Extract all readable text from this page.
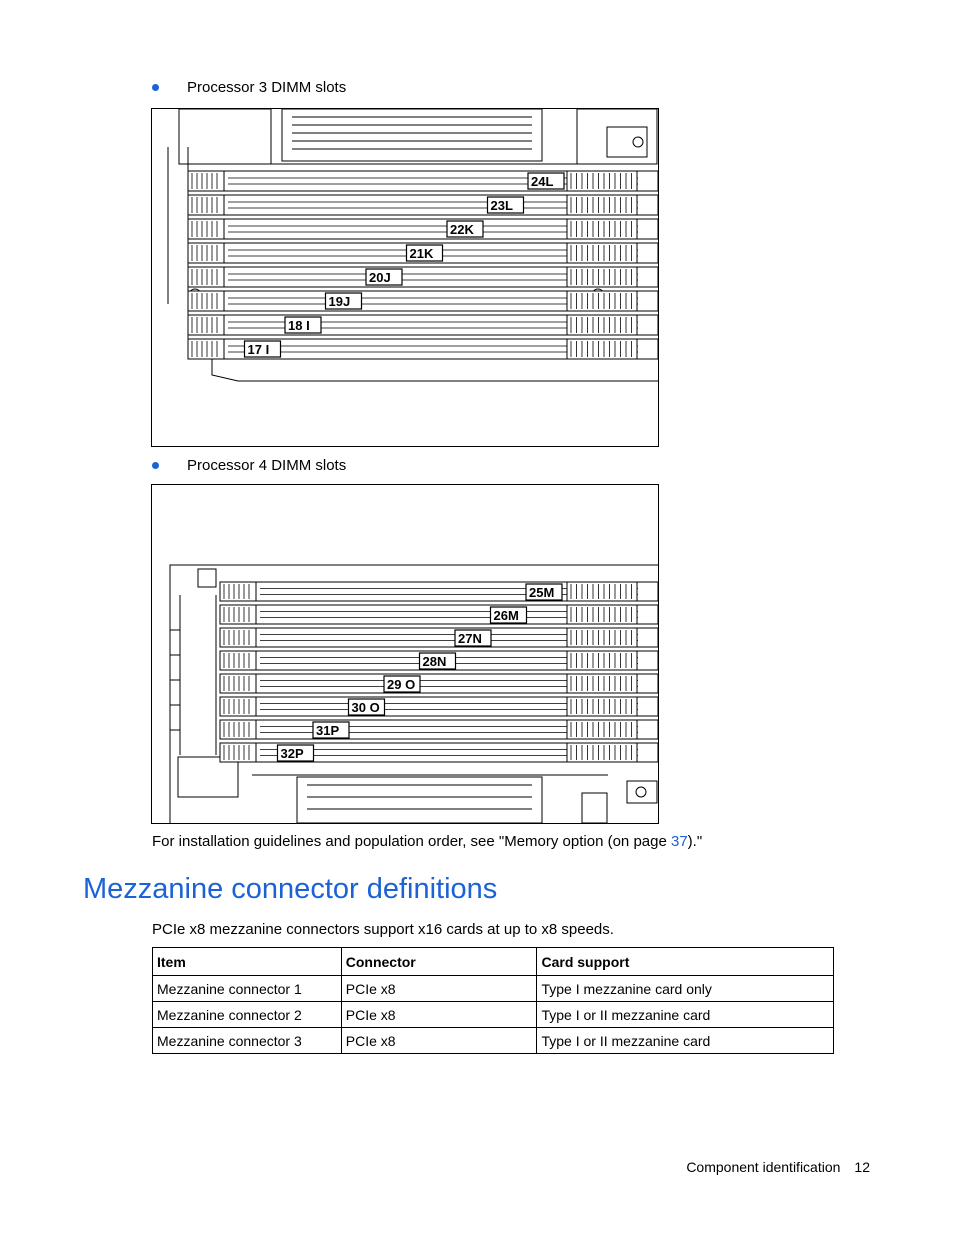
Processor 3 DIMM slots
24L
23L
22K
21K
20J
19J
18 I
17 I
Processor 4 DIMM slots
25M
26M
27N
28N
29 O
30 O
31P
32P
For installation guidelines and population order, see "Memory option (on page 37)."
Mezzanine connector definitions
PCIe x8 mezzanine connectors support x16 cards at up to x8 speeds.
Item	Connector	Card support
Mezzanine connector 1	PCIe x8	Type I mezzanine card only
Mezzanine connector 2	PCIe x8	Type I or II mezzanine card
Mezzanine connector 3	PCIe x8	Type I or II mezzanine card
Component identification 12
